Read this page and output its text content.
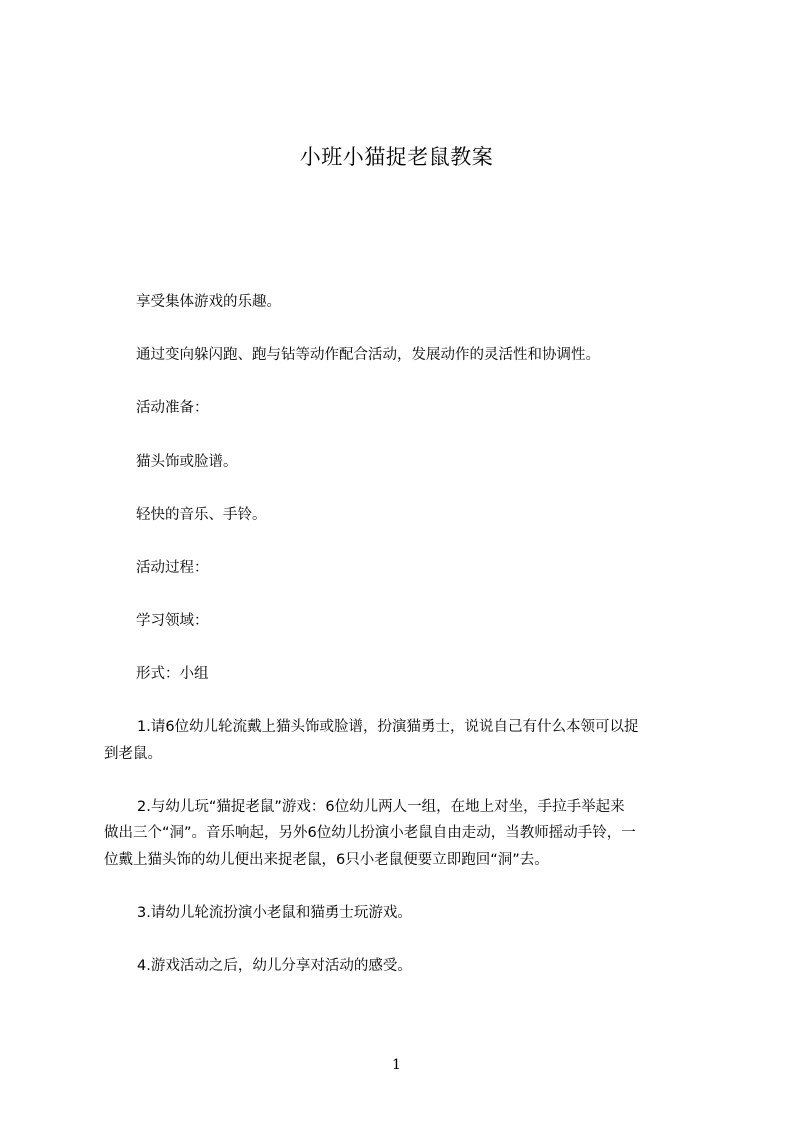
小班小猫捉老鼠教案
享受集体游戏的乐趣。
通过变向躲闪跑、跑与钻等动作配合活动，发展动作的灵活性和协调性。
活动准备：
猫头饰或脸谱。
轻快的音乐、手铃。
活动过程：
学习领域：
形式：小组
1.请6位幼儿轮流戴上猫头饰或脸谱，扮演猫勇士，说说自己有什么本领可以捉
到老鼠。
2.与幼儿玩“猫捉老鼠”游戏：6位幼儿两人一组，在地上对坐，手拉手举起来
做出三个“洞”。音乐响起，另外6位幼儿扮演小老鼠自由走动，当教师摇动手铃，一
位戴上猫头饰的幼儿便出来捉老鼠，6只小老鼠便要立即跑回“洞”去。
3.请幼儿轮流扮演小老鼠和猫勇士玩游戏。
4.游戏活动之后，幼儿分享对活动的感受。
1
